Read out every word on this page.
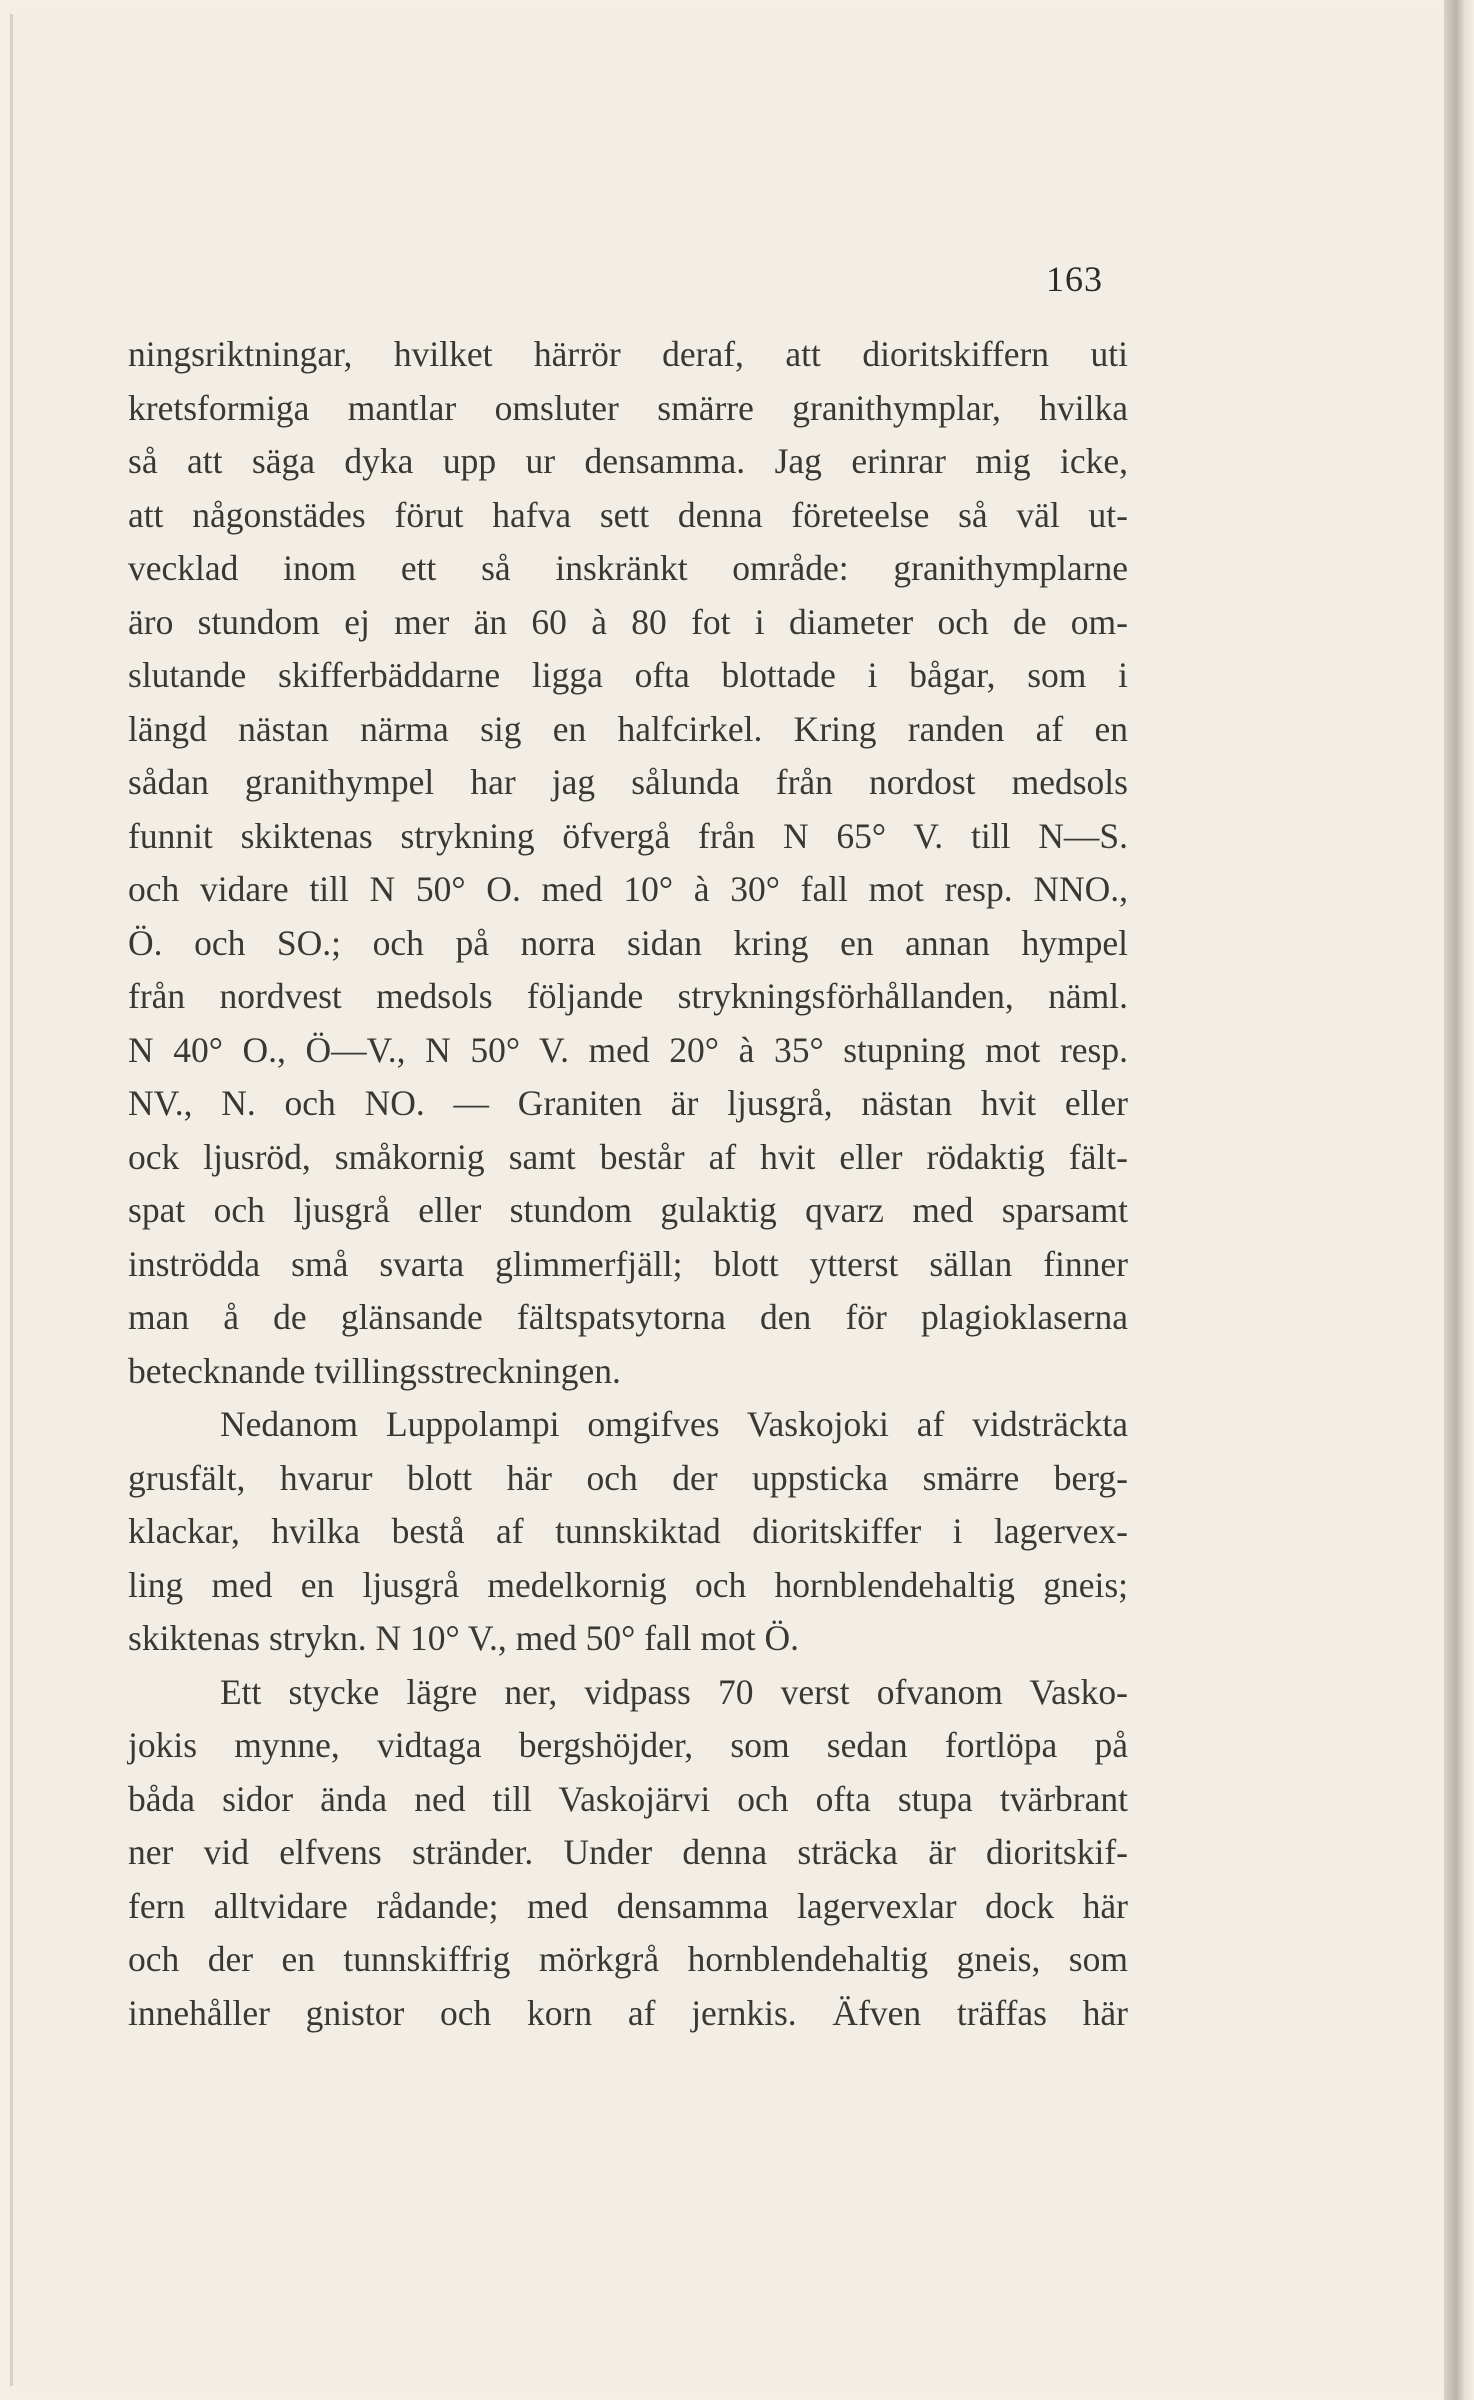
163
ningsriktningar, hvilket härrör deraf, att dioritskiffern uti
kretsformiga mantlar omsluter smärre granithymplar, hvilka
så att säga dyka upp ur densamma. Jag erinrar mig icke,
att någonstädes förut hafva sett denna företeelse så väl ut-
vecklad inom ett så inskränkt område: granithymplarne
äro stundom ej mer än 60 à 80 fot i diameter och de om-
slutande skifferbäddarne ligga ofta blottade i bågar, som i
längd nästan närma sig en halfcirkel. Kring randen af en
sådan granithympel har jag sålunda från nordost medsols
funnit skiktenas strykning öfvergå från N 65° V. till N—S.
och vidare till N 50° O. med 10° à 30° fall mot resp. NNO.,
Ö. och SO.; och på norra sidan kring en annan hympel
från nordvest medsols följande strykningsförhållanden, näml.
N 40° O., Ö—V., N 50° V. med 20° à 35° stupning mot resp.
NV., N. och NO. — Graniten är ljusgrå, nästan hvit eller
ock ljusröd, småkornig samt består af hvit eller rödaktig fält-
spat och ljusgrå eller stundom gulaktig qvarz med sparsamt
inströdda små svarta glimmerfjäll; blott ytterst sällan finner
man å de glänsande fältspatsytorna den för plagioklaserna
betecknande tvillingsstreckningen.
Nedanom Luppolampi omgifves Vaskojoki af vidsträckta
grusfält, hvarur blott här och der uppsticka smärre berg-
klackar, hvilka bestå af tunnskiktad dioritskiffer i lagervex-
ling med en ljusgrå medelkornig och hornblendehaltig gneis;
skiktenas strykn. N 10° V., med 50° fall mot Ö.
Ett stycke lägre ner, vidpass 70 verst ofvanom Vasko-
jokis mynne, vidtaga bergshöjder, som sedan fortlöpa på
båda sidor ända ned till Vaskojärvi och ofta stupa tvärbrant
ner vid elfvens stränder. Under denna sträcka är dioritskif-
fern alltvidare rådande; med densamma lagervexlar dock här
och der en tunnskiffrig mörkgrå hornblendehaltig gneis, som
innehåller gnistor och korn af jernkis. Äfven träffas här
